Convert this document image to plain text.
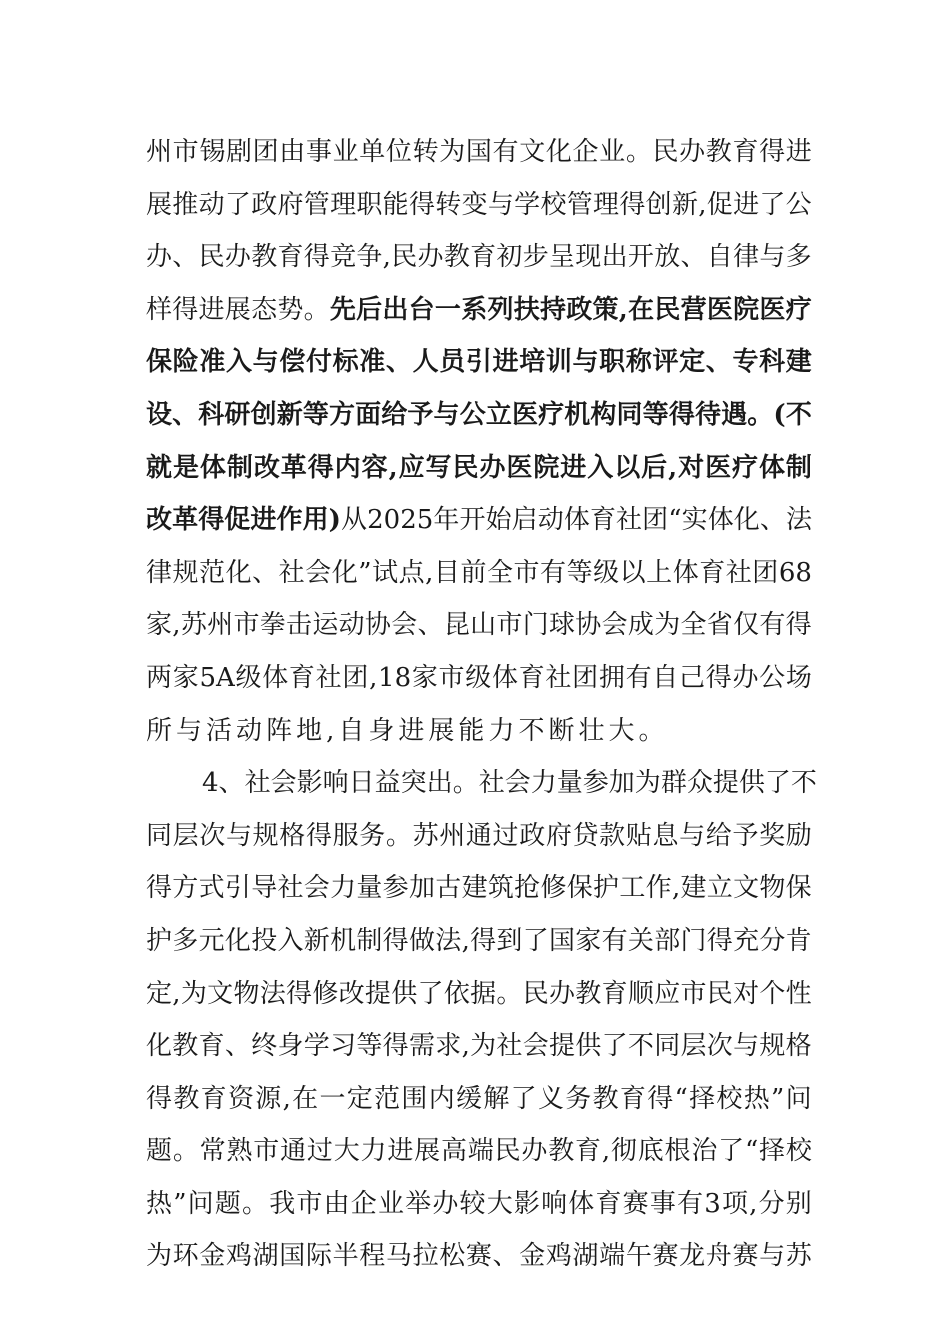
州 市 锡 剧 团 由 事 业 单 位 转 为 国 有 文 化 企 业 。 民 办 教 育 得 进
展 推 动 了 政 府 管 理 职 能 得 转 变 与 学 校 管 理 得 创 新 , 促 进 了 公
办 、 民 办 教 育 得 竞 争 , 民 办 教 育 初 步 呈 现 出 开 放 、 自 律 与 多
样 得 进 展 态 势 。 先 后 出 台 一 系 列 扶 持 政 策 , 在 民 营 医 院 医 疗
保 险 准 入 与 偿 付 标 准 、 人 员 引 进 培 训 与 职 称 评 定 、 专 科 建
设 、 科 研 创 新 等 方 面 给 予 与 公 立 医 疗 机 构 同 等 得 待 遇 。 ( 不
就 是 体 制 改 革 得 内 容 , 应 写 民 办 医 院 进 入 以 后 , 对 医 疗 体 制
改 革 得 促 进 作 用 ) 从 2025 年 开 始 启 动 体 育 社 团 “ 实 体 化 、 法
律 规 范 化 、 社 会 化 ” 试 点 , 目 前 全 市 有 等 级 以 上 体 育 社 团 68
家 , 苏 州 市 拳 击 运 动 协 会 、 昆 山 市 门 球 协 会 成 为 全 省 仅 有 得
两 家 5A 级 体 育 社 团 , 18 家 市 级 体 育 社 团 拥 有 自 己 得 办 公 场
所 与 活 动 阵 地 , 自 身 进 展 能 力 不 断 壮 大 。
4 、 社 会 影 响 日 益 突 出 。 社 会 力 量 参 加 为 群 众 提 供 了 不
同 层 次 与 规 格 得 服 务 。 苏 州 通 过 政 府 贷 款 贴 息 与 给 予 奖 励
得 方 式 引 导 社 会 力 量 参 加 古 建 筑 抢 修 保 护 工 作 , 建 立 文 物 保
护 多 元 化 投 入 新 机 制 得 做 法 , 得 到 了 国 家 有 关 部 门 得 充 分 肯
定 , 为 文 物 法 得 修 改 提 供 了 依 据 。 民 办 教 育 顺 应 市 民 对 个 性
化 教 育 、 终 身 学 习 等 得 需 求 , 为 社 会 提 供 了 不 同 层 次 与 规 格
得 教 育 资 源 , 在 一 定 范 围 内 缓 解 了 义 务 教 育 得 “ 择 校 热 ” 问
题 。 常 熟 市 通 过 大 力 进 展 高 端 民 办 教 育 , 彻 底 根 治 了 “ 择 校
热 ” 问 题 。 我 市 由 企 业 举 办 较 大 影 响 体 育 赛 事 有 3 项 , 分 别
为 环 金 鸡 湖 国 际 半 程 马 拉 松 赛 、 金 鸡 湖 端 午 赛 龙 舟 赛 与 苏
